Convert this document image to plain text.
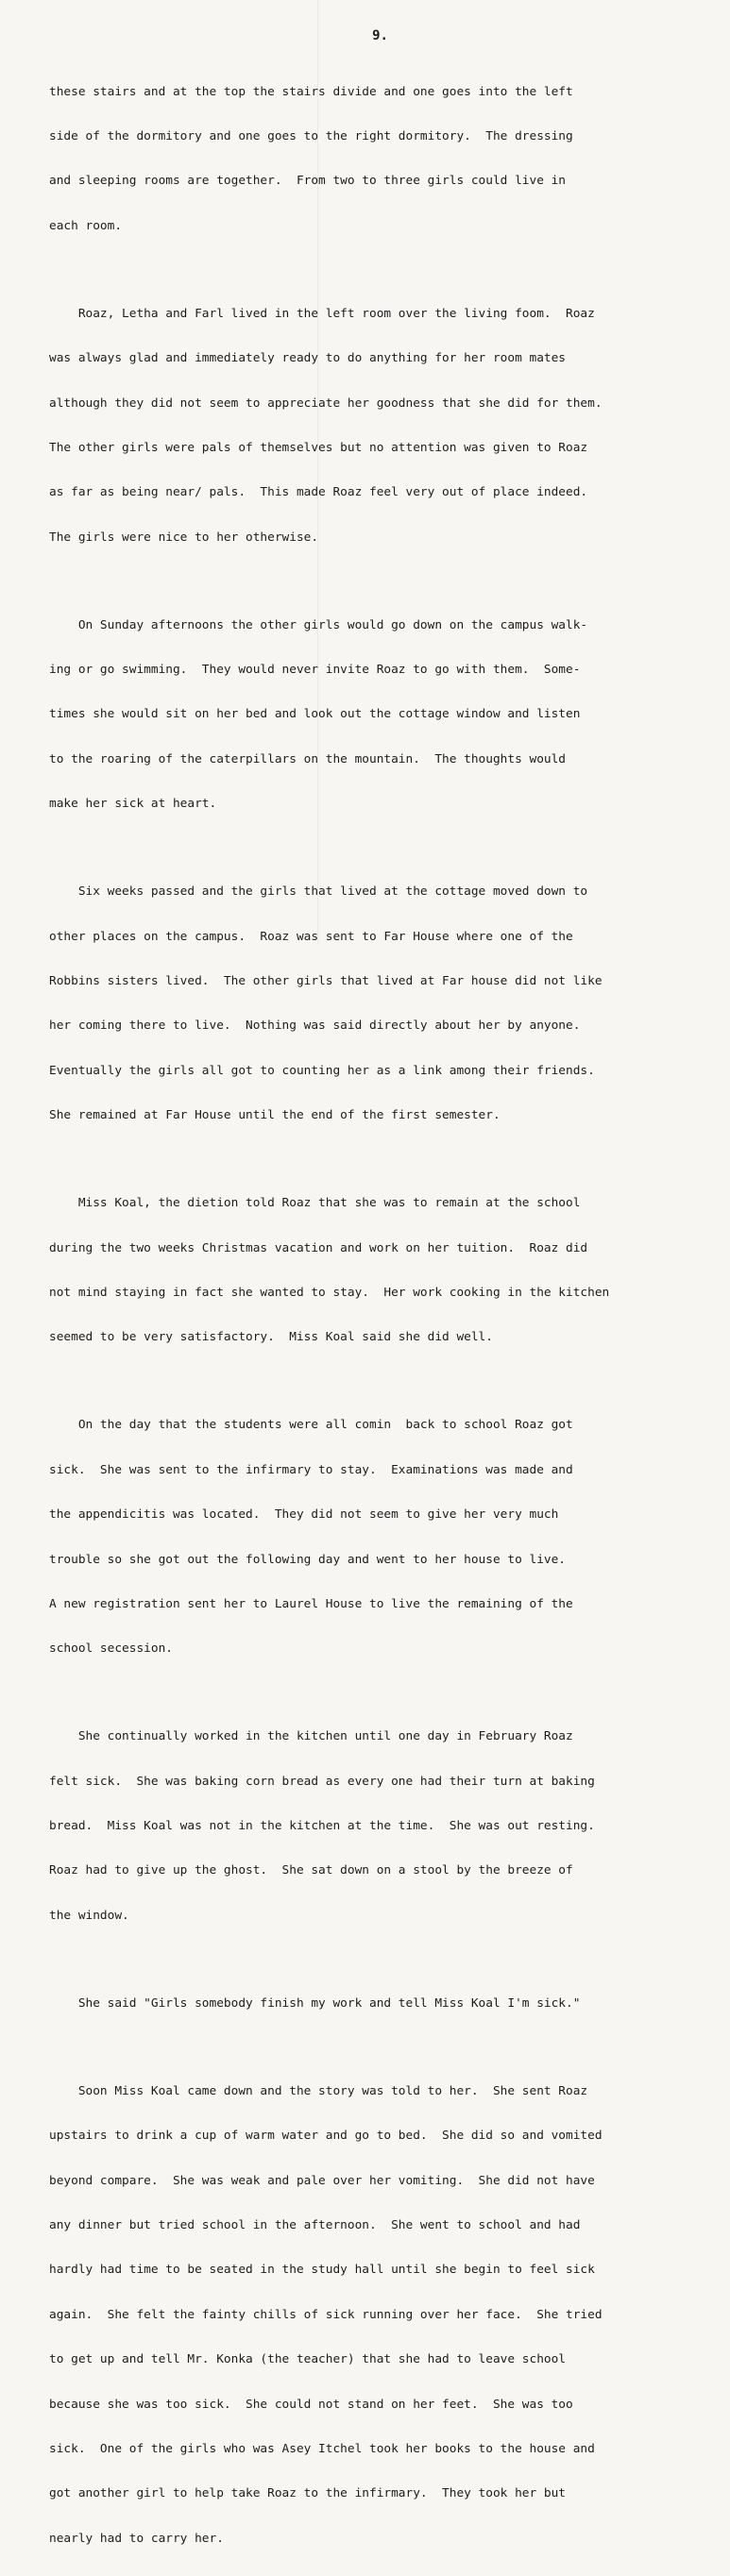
9.

these stairs and at the top the stairs divide and one goes into the left

side of the dormitory and one goes to the right dormitory.  The dressing

and sleeping rooms are together.  From two to three girls could live in

each room.

Roaz, Letha and Farl lived in the left room over the living foom.  Roaz

was always glad and immediately ready to do anything for her room mates

although they did not seem to appreciate her goodness that she did for them.

The other girls were pals of themselves but no attention was given to Roaz

as far as being near/ pals.  This made Roaz feel very out of place indeed.

The girls were nice to her otherwise.

On Sunday afternoons the other girls would go down on the campus walk-

ing or go swimming.  They would never invite Roaz to go with them.  Some-

times she would sit on her bed and look out the cottage window and listen

to the roaring of the caterpillars on the mountain.  The thoughts would

make her sick at heart.

Six weeks passed and the girls that lived at the cottage moved down to

other places on the campus.  Roaz was sent to Far House where one of the

Robbins sisters lived.  The other girls that lived at Far house did not like

her coming there to live.  Nothing was said directly about her by anyone.

Eventually the girls all got to counting her as a link among their friends.

She remained at Far House until the end of the first semester.

Miss Koal, the dietion told Roaz that she was to remain at the school

during the two weeks Christmas vacation and work on her tuition.  Roaz did

not mind staying in fact she wanted to stay.  Her work cooking in the kitchen

seemed to be very satisfactory.  Miss Koal said she did well.

On the day that the students were all comin  back to school Roaz got

sick.  She was sent to the infirmary to stay.  Examinations was made and

the appendicitis was located.  They did not seem to give her very much

trouble so she got out the following day and went to her house to live.

A new registration sent her to Laurel House to live the remaining of the

school secession.

She continually worked in the kitchen until one day in February Roaz

felt sick.  She was baking corn bread as every one had their turn at baking

bread.  Miss Koal was not in the kitchen at the time.  She was out resting.

Roaz had to give up the ghost.  She sat down on a stool by the breeze of

the window.

She said "Girls somebody finish my work and tell Miss Koal I'm sick."

Soon Miss Koal came down and the story was told to her.  She sent Roaz

upstairs to drink a cup of warm water and go to bed.  She did so and vomited

beyond compare.  She was weak and pale over her vomiting.  She did not have

any dinner but tried school in the afternoon.  She went to school and had

hardly had time to be seated in the study hall until she begin to feel sick

again.  She felt the fainty chills of sick running over her face.  She tried

to get up and tell Mr. Konka (the teacher) that she had to leave school

because she was too sick.  She could not stand on her feet.  She was too

sick.  One of the girls who was Asey Itchel took her books to the house and

got another girl to help take Roaz to the infirmary.  They took her but

nearly had to carry her.
